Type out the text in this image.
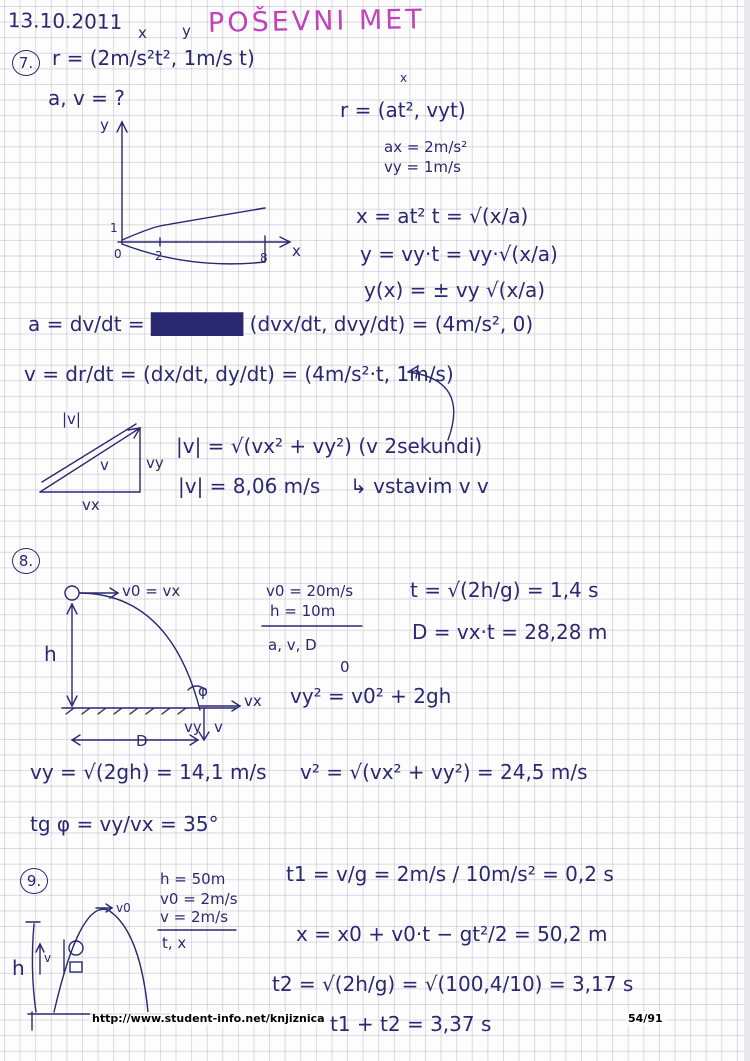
13.10.2011 x y POŠEVNI MET

7. r = (2m/s²t², 1m/s t)

a, v = ?

x

r = (at², vyt)

ax = 2m/s²

vy = 1m/s

x = at² t = √(x/a)

y = vy·t = vy·√(x/a)

y(x) = ± vy √(x/a)

y

x

0

1

2	8

a = dv/dt = ██████ (dvx/dt, dvy/dt) = (4m/s², 0)

v = dr/dt = (dx/dt, dy/dt) = (4m/s²·t, 1m/s)

|v|

v vy

vx

|v| = √(vx² + vy²) (v 2sekundi)

|v| = 8,06 m/s ↳ vstavim v v

8.

v0 = vx

h

φ

vx

vy v

D

v0 = 20m/s

h = 10m

a, v, D

t = √(2h/g) = 1,4 s

D = vx·t = 28,28 m

0

vy² = v0² + 2gh

vy = √(2gh) = 14,1 m/s v² = √(vx² + vy²) = 24,5 m/s

tg φ = vy/vx = 35°

9.	h = 50m

v0 = 2m/s

v = 2m/s

t, x

h v

v0

t1 = v/g = 2m/s / 10m/s² = 0,2 s

x = x0 + v0·t − gt²/2 = 50,2 m

t2 = √(2h/g) = √(100,4/10) = 3,17 s

t1 + t2 = 3,37 s

http://www.student-info.net/knjiznica	54/91
